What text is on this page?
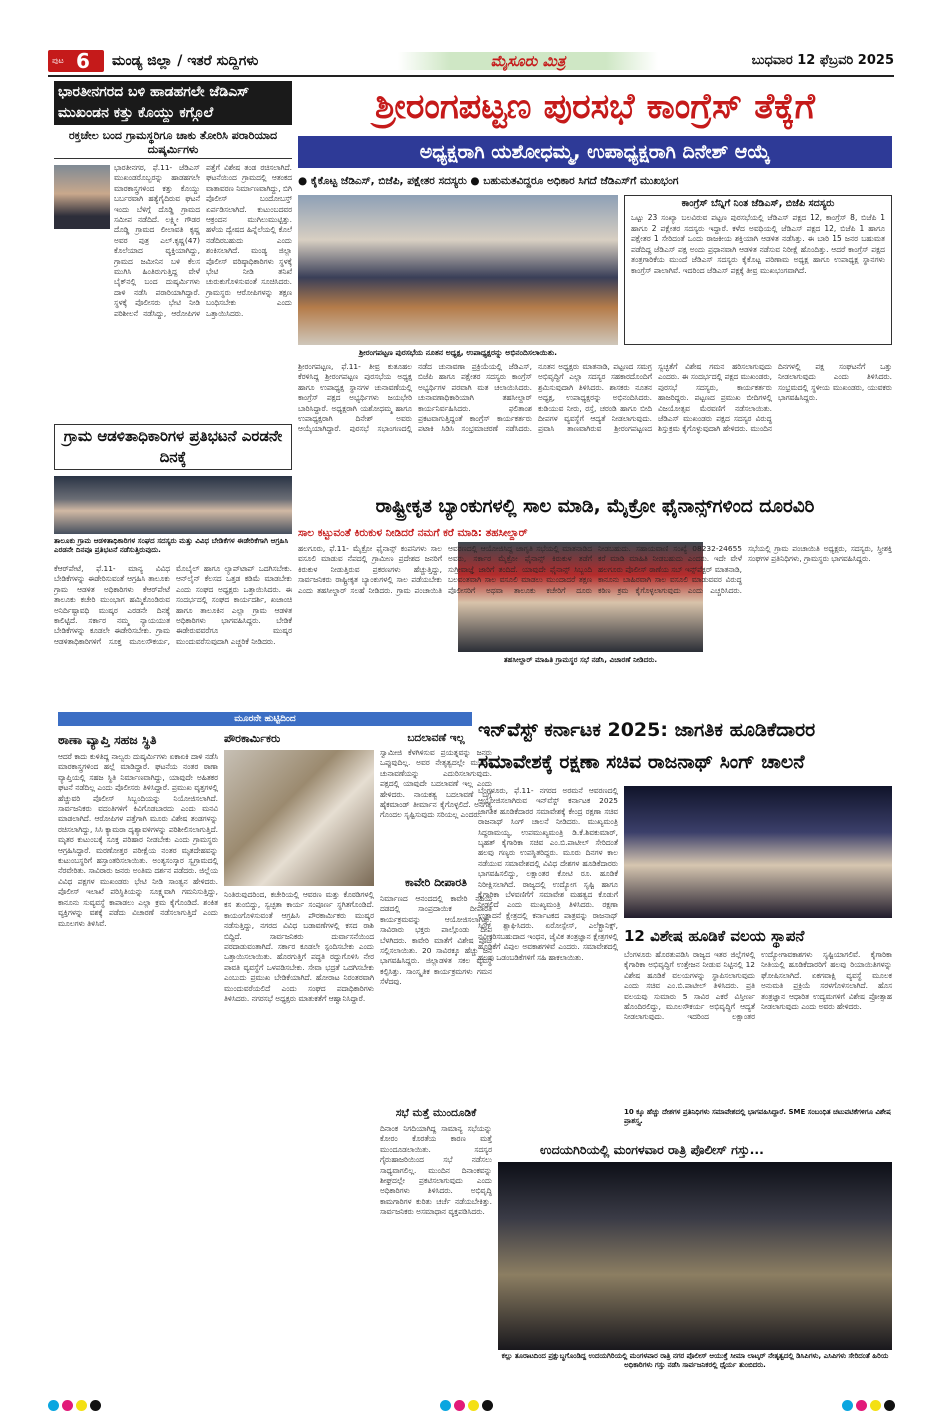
ಪುಟ 6 ಮಂಡ್ಯ ಜಿಲ್ಲಾ / ಇತರೆ ಸುದ್ದಿಗಳು	ಮೈಸೂರು ಮಿತ್ರ	ಬುಧವಾರ 12 ಫೆಬ್ರವರಿ 2025
ಭಾರತೀನಗರದ ಬಳಿ ಹಾಡಹಗಲೇ ಜೆಡಿಎಸ್ ಮುಖಂಡನ ಕತ್ತು ಕೊಯ್ದು ಕಗ್ಗೊಲೆ
ರಕ್ತಚೇಲ ಬಂದ ಗ್ರಾಮಸ್ಥರಿಗೂ ಚಾಕು ತೋರಿಸಿ ಪರಾರಿಯಾದ ದುಷ್ಕರ್ಮಿಗಳು
ಭಾರತೀನಗರ, ಫೆ.11- ಜೆಡಿಎಸ್ ಮುಖಂಡರೊಬ್ಬರನ್ನು ಹಾಡಹಗಲೇ ಮಾರಕಾಸ್ತ್ರಗಳಿಂದ ಕತ್ತು ಕೊಯ್ದು ಬರ್ಬರವಾಗಿ ಹತ್ಯೆಗೈದಿರುವ ಘಟನೆ ಇಂದು ಬೆಳಿಗ್ಗೆ ದೊಡ್ಡಿ ಗ್ರಾಮದ ಸಮೀಪ ನಡೆದಿದೆ. ಲಕ್ಷ್ಮೀ ಗೌಡರ ದೊಡ್ಡಿ ಗ್ರಾಮದ ಲೀಲಾವತಿ ಕೃಷ್ಣ ಅವರ ಪುತ್ರ ಎಲ್.ಕೃಷ್ಣ(47) ಕೊಲೆಯಾದ ವ್ಯಕ್ತಿಯಾಗಿದ್ದು, ಗ್ರಾಮದ ಜಮೀನಿನ ಬಳಿ ಕೆಲಸ ಮುಗಿಸಿ ಹಿಂತಿರುಗುತ್ತಿದ್ದ ವೇಳೆ ಬೈಕ್‌ನಲ್ಲಿ ಬಂದ ದುಷ್ಕರ್ಮಿಗಳು ದಾಳಿ ನಡೆಸಿ ಪರಾರಿಯಾಗಿದ್ದಾರೆ. ಸ್ಥಳಕ್ಕೆ ಪೊಲೀಸರು ಭೇಟಿ ನೀಡಿ ಪರಿಶೀಲನೆ ನಡೆಸಿದ್ದು, ಆರೋಪಿಗಳ ಪತ್ತೆಗೆ ವಿಶೇಷ ತಂಡ ರಚಿಸಲಾಗಿದೆ. ಘಟನೆಯಿಂದ ಗ್ರಾಮದಲ್ಲಿ ಆತಂಕದ ವಾತಾವರಣ ನಿರ್ಮಾಣವಾಗಿದ್ದು, ಬಿಗಿ ಪೊಲೀಸ್ ಬಂದೋಬಸ್ತ್ ಏರ್ಪಡಿಸಲಾಗಿದೆ. ಕುಟುಂಬದವರ ಆಕ್ರಂದನ ಮುಗಿಲುಮುಟ್ಟಿತ್ತು. ಹಳೆಯ ದ್ವೇಷದ ಹಿನ್ನೆಲೆಯಲ್ಲಿ ಕೊಲೆ ನಡೆದಿರಬಹುದು ಎಂದು ಶಂಕಿಸಲಾಗಿದೆ. ಮಂಡ್ಯ ಜಿಲ್ಲಾ ಪೊಲೀಸ್ ವರಿಷ್ಠಾಧಿಕಾರಿಗಳು ಸ್ಥಳಕ್ಕೆ ಭೇಟಿ ನೀಡಿ ತನಿಖೆ ಚುರುಕುಗೊಳಿಸುವಂತೆ ಸೂಚಿಸಿದರು. ಗ್ರಾಮಸ್ಥರು ಆರೋಪಿಗಳನ್ನು ತಕ್ಷಣ ಬಂಧಿಸಬೇಕು ಎಂದು ಒತ್ತಾಯಿಸಿದರು.
ಗ್ರಾಮ ಆಡಳಿತಾಧಿಕಾರಿಗಳ ಪ್ರತಿಭಟನೆ ಎರಡನೇ ದಿನಕ್ಕೆ
ತಾಲೂಕು ಗ್ರಾಮ ಆಡಳಿತಾಧಿಕಾರಿಗಳ ಸಂಘದ ಸದಸ್ಯರು ಮತ್ತು ವಿವಿಧ ಬೇಡಿಕೆಗಳ ಈಡೇರಿಕೆಗಾಗಿ ಆಗ್ರಹಿಸಿ ಎರಡನೇ ದಿನವೂ ಪ್ರತಿಭಟನೆ ನಡೆಸುತ್ತಿರುವುದು.
ಕೆಆರ್‌ಪೇಟೆ, ಫೆ.11- ಮಾನ್ಯ ವಿವಿಧ ಬೇಡಿಕೆಗಳನ್ನು ಈಡೇರಿಸುವಂತೆ ಆಗ್ರಹಿಸಿ ತಾಲೂಕು ಗ್ರಾಮ ಆಡಳಿತ ಅಧಿಕಾರಿಗಳು ಕೆಆರ್‌ಪೇಟೆ ತಾಲೂಕು ಕಚೇರಿ ಮುಂಭಾಗ ಹಮ್ಮಿಕೊಂಡಿರುವ ಅನಿರ್ದಿಷ್ಟಾವಧಿ ಮುಷ್ಕರ ಎರಡನೇ ದಿನಕ್ಕೆ ಕಾಲಿಟ್ಟಿದೆ. ಸರ್ಕಾರ ನಮ್ಮ ನ್ಯಾಯಯುತ ಬೇಡಿಕೆಗಳನ್ನು ಕೂಡಲೇ ಈಡೇರಿಸಬೇಕು. ಗ್ರಾಮ ಆಡಳಿತಾಧಿಕಾರಿಗಳಿಗೆ ಸೂಕ್ತ ಮೂಲಸೌಕರ್ಯ, ಮೊಬೈಲ್ ಹಾಗೂ ಲ್ಯಾಪ್‌ಟಾಪ್ ಒದಗಿಸಬೇಕು. ಆನ್‌ಲೈನ್ ಕೆಲಸದ ಒತ್ತಡ ಕಡಿಮೆ ಮಾಡಬೇಕು ಎಂದು ಸಂಘದ ಅಧ್ಯಕ್ಷರು ಒತ್ತಾಯಿಸಿದರು. ಈ ಸಂದರ್ಭದಲ್ಲಿ ಸಂಘದ ಕಾರ್ಯದರ್ಶಿ, ಖಜಾಂಚಿ ಹಾಗೂ ತಾಲೂಕಿನ ಎಲ್ಲಾ ಗ್ರಾಮ ಆಡಳಿತ ಅಧಿಕಾರಿಗಳು ಭಾಗವಹಿಸಿದ್ದರು. ಬೇಡಿಕೆ ಈಡೇರುವವರೆಗೂ ಮುಷ್ಕರ ಮುಂದುವರೆಸುವುದಾಗಿ ಎಚ್ಚರಿಕೆ ನೀಡಿದರು.
ಶ್ರೀರಂಗಪಟ್ಟಣ ಪುರಸಭೆ ಕಾಂಗ್ರೆಸ್ ತೆಕ್ಕೆಗೆ
ಅಧ್ಯಕ್ಷರಾಗಿ ಯಶೋಧಮ್ಮ, ಉಪಾಧ್ಯಕ್ಷರಾಗಿ ದಿನೇಶ್ ಆಯ್ಕೆ
● ಕೈಕೊಟ್ಟ ಜೆಡಿಎಸ್, ಬಿಜೆಪಿ, ಪಕ್ಷೇತರ ಸದಸ್ಯರು ● ಬಹುಮತವಿದ್ದರೂ ಅಧಿಕಾರ ಸಿಗದೆ ಜೆಡಿಎಸ್‌ಗೆ ಮುಖಭಂಗ
ಶ್ರೀರಂಗಪಟ್ಟಣ ಪುರಸಭೆಯ ನೂತನ ಅಧ್ಯಕ್ಷ, ಉಪಾಧ್ಯಕ್ಷರನ್ನು ಅಭಿನಂದಿಸಲಾಯಿತು.
ಕಾಂಗ್ರೆಸ್ ಬೆನ್ನಿಗೆ ನಿಂತ ಜೆಡಿಎಸ್, ಬಿಜೆಪಿ ಸದಸ್ಯರು
ಒಟ್ಟು 23 ಸಂಖ್ಯಾ ಬಲವಿರುವ ಪಟ್ಟಣ ಪುರಸಭೆಯಲ್ಲಿ ಜೆಡಿಎಸ್ ಪಕ್ಷದ 12, ಕಾಂಗ್ರೆಸ್ 8, ಬಿಜೆಪಿ 1 ಹಾಗೂ 2 ಪಕ್ಷೇತರ ಸದಸ್ಯರು ಇದ್ದಾರೆ. ಕಳೆದ ಅವಧಿಯಲ್ಲಿ ಜೆಡಿಎಸ್ ಪಕ್ಷದ 12, ಬಿಜೆಪಿ 1 ಹಾಗೂ ಪಕ್ಷೇತರ 1 ಸೇರಿದಂತೆ ಒಂದು ರಾಜಕೀಯ ಶಕ್ತಿಯಾಗಿ ಆಡಳಿತ ನಡೆಸಿತ್ತು. ಈ ಬಾರಿ 15 ಜನರ ಬಹುಮತ ಪಡೆದಿದ್ದ ಜೆಡಿಎಸ್ ಪಕ್ಷ ಅಂದು ಪ್ರಧಾನವಾಗಿ ಆಡಳಿತ ನಡೆಸುವ ನಿರೀಕ್ಷೆ ಹೊಂದಿತ್ತು. ಆದರೆ ಕಾಂಗ್ರೆಸ್ ಪಕ್ಷದ ತಂತ್ರಗಾರಿಕೆಯ ಮುಂದೆ ಜೆಡಿಎಸ್ ಸದಸ್ಯರು ಕೈಕೊಟ್ಟ ಪರಿಣಾಮ ಅಧ್ಯಕ್ಷ ಹಾಗೂ ಉಪಾಧ್ಯಕ್ಷ ಸ್ಥಾನಗಳು ಕಾಂಗ್ರೆಸ್ ಪಾಲಾಗಿವೆ. ಇದರಿಂದ ಜೆಡಿಎಸ್ ಪಕ್ಷಕ್ಕೆ ತೀವ್ರ ಮುಖಭಂಗವಾಗಿದೆ.
ಶ್ರೀರಂಗಪಟ್ಟಣ, ಫೆ.11- ತೀವ್ರ ಕುತೂಹಲ ಕೆರಳಿಸಿದ್ದ ಶ್ರೀರಂಗಪಟ್ಟಣ ಪುರಸಭೆಯ ಅಧ್ಯಕ್ಷ ಹಾಗೂ ಉಪಾಧ್ಯಕ್ಷ ಸ್ಥಾನಗಳ ಚುನಾವಣೆಯಲ್ಲಿ ಕಾಂಗ್ರೆಸ್ ಪಕ್ಷದ ಅಭ್ಯರ್ಥಿಗಳು ಜಯಭೇರಿ ಬಾರಿಸಿದ್ದಾರೆ. ಅಧ್ಯಕ್ಷರಾಗಿ ಯಶೋಧಮ್ಮ ಹಾಗೂ ಉಪಾಧ್ಯಕ್ಷರಾಗಿ ದಿನೇಶ್ ಅವರು ಆಯ್ಕೆಯಾಗಿದ್ದಾರೆ. ಪುರಸಭೆ ಸಭಾಂಗಣದಲ್ಲಿ ನಡೆದ ಚುನಾವಣಾ ಪ್ರಕ್ರಿಯೆಯಲ್ಲಿ ಜೆಡಿಎಸ್, ಬಿಜೆಪಿ ಹಾಗೂ ಪಕ್ಷೇತರ ಸದಸ್ಯರು ಕಾಂಗ್ರೆಸ್ ಅಭ್ಯರ್ಥಿಗಳ ಪರವಾಗಿ ಮತ ಚಲಾಯಿಸಿದರು. ಚುನಾವಣಾಧಿಕಾರಿಯಾಗಿ ತಹಸೀಲ್ದಾರ್ ಕಾರ್ಯನಿರ್ವಹಿಸಿದರು. ಫಲಿತಾಂಶ ಪ್ರಕಟವಾಗುತ್ತಿದ್ದಂತೆ ಕಾಂಗ್ರೆಸ್ ಕಾರ್ಯಕರ್ತರು ಪಟಾಕಿ ಸಿಡಿಸಿ ಸಂಭ್ರಮಾಚರಣೆ ನಡೆಸಿದರು. ನೂತನ ಅಧ್ಯಕ್ಷರು ಮಾತನಾಡಿ, ಪಟ್ಟಣದ ಸಮಗ್ರ ಅಭಿವೃದ್ಧಿಗೆ ಎಲ್ಲಾ ಸದಸ್ಯರ ಸಹಕಾರದೊಂದಿಗೆ ಶ್ರಮಿಸುವುದಾಗಿ ತಿಳಿಸಿದರು. ಶಾಸಕರು ನೂತನ ಅಧ್ಯಕ್ಷ, ಉಪಾಧ್ಯಕ್ಷರನ್ನು ಅಭಿನಂದಿಸಿದರು. ಕುಡಿಯುವ ನೀರು, ರಸ್ತೆ, ಚರಂಡಿ ಹಾಗೂ ಬೀದಿ ದೀಪಗಳ ವ್ಯವಸ್ಥೆಗೆ ಆದ್ಯತೆ ನೀಡಲಾಗುವುದು. ಪ್ರವಾಸಿ ತಾಣವಾಗಿರುವ ಶ್ರೀರಂಗಪಟ್ಟಣದ ಸ್ವಚ್ಛತೆಗೆ ವಿಶೇಷ ಗಮನ ಹರಿಸಲಾಗುವುದು ಎಂದರು. ಈ ಸಂದರ್ಭದಲ್ಲಿ ಪಕ್ಷದ ಮುಖಂಡರು, ಪುರಸಭೆ ಸದಸ್ಯರು, ಕಾರ್ಯಕರ್ತರು ಹಾಜರಿದ್ದರು. ಪಟ್ಟಣದ ಪ್ರಮುಖ ಬೀದಿಗಳಲ್ಲಿ ವಿಜಯೋತ್ಸವ ಮೆರವಣಿಗೆ ನಡೆಸಲಾಯಿತು. ಜೆಡಿಎಸ್ ಮುಖಂಡರು ಪಕ್ಷದ ಸದಸ್ಯರ ವಿರುದ್ಧ ಶಿಸ್ತುಕ್ರಮ ಕೈಗೊಳ್ಳುವುದಾಗಿ ಹೇಳಿದರು. ಮುಂದಿನ ದಿನಗಳಲ್ಲಿ ಪಕ್ಷ ಸಂಘಟನೆಗೆ ಒತ್ತು ನೀಡಲಾಗುವುದು ಎಂದು ತಿಳಿಸಿದರು. ಸಂಭ್ರಮದಲ್ಲಿ ಸ್ಥಳೀಯ ಮುಖಂಡರು, ಯುವಕರು ಭಾಗವಹಿಸಿದ್ದರು.
ರಾಷ್ಟ್ರೀಕೃತ ಬ್ಯಾಂಕುಗಳಲ್ಲಿ ಸಾಲ ಮಾಡಿ, ಮೈಕ್ರೋ ಫೈನಾನ್ಸ್‌ಗಳಿಂದ ದೂರವಿರಿ
ಸಾಲ ಕಟ್ಟುವಂತೆ ಕಿರುಕುಳ ನೀಡಿದರೆ ನಮಗೆ ಕರೆ ಮಾಡಿ: ತಹಸೀಲ್ದಾರ್
ತಹಸೀಲ್ದಾರ್ ಮಾಹಿತಿ ಗ್ರಾಮಸ್ಥರ ಸಭೆ ನಡೆಸಿ, ವಿಚಾರಣೆ ನೀಡಿದರು.
ಹಲಗೂರು, ಫೆ.11- ಮೈಕ್ರೋ ಫೈನಾನ್ಸ್ ಕಂಪನಿಗಳು ಸಾಲ ವಸೂಲಿ ಮಾಡುವ ನೆಪದಲ್ಲಿ ಗ್ರಾಮೀಣ ಪ್ರದೇಶದ ಜನರಿಗೆ ಕಿರುಕುಳ ನೀಡುತ್ತಿರುವ ಪ್ರಕರಣಗಳು ಹೆಚ್ಚುತ್ತಿದ್ದು, ಸಾರ್ವಜನಿಕರು ರಾಷ್ಟ್ರೀಕೃತ ಬ್ಯಾಂಕುಗಳಲ್ಲಿ ಸಾಲ ಪಡೆಯಬೇಕು ಎಂದು ತಹಸೀಲ್ದಾರ್ ಸಲಹೆ ನೀಡಿದರು. ಗ್ರಾಮ ಪಂಚಾಯಿತಿ ಆವರಣದಲ್ಲಿ ಆಯೋಜಿಸಿದ್ದ ಜಾಗೃತಿ ಸಭೆಯಲ್ಲಿ ಮಾತನಾಡಿದ ಅವರು, ಸರ್ಕಾರ ಮೈಕ್ರೋ ಫೈನಾನ್ಸ್ ಕಿರುಕುಳ ತಡೆಗೆ ಸುಗ್ರೀವಾಜ್ಞೆ ಜಾರಿಗೆ ತಂದಿದೆ. ಯಾವುದೇ ಫೈನಾನ್ಸ್ ಸಿಬ್ಬಂದಿ ಬಲವಂತವಾಗಿ ಸಾಲ ವಸೂಲಿ ಮಾಡಲು ಮುಂದಾದರೆ ತಕ್ಷಣ ಪೊಲೀಸರಿಗೆ ಅಥವಾ ತಾಲೂಕು ಕಚೇರಿಗೆ ದೂರು ನೀಡಬಹುದು. ಸಹಾಯವಾಣಿ ಸಂಖ್ಯೆ 08232-24655 ಕರೆ ಮಾಡಿ ಮಾಹಿತಿ ನೀಡಬಹುದು ಎಂದರು. ಇದೇ ವೇಳೆ ಹಲಗೂರು ಪೊಲೀಸ್ ಠಾಣೆಯ ಸಬ್ ಇನ್ಸ್‌ಪೆಕ್ಟರ್ ಮಾತನಾಡಿ, ಕಾನೂನು ಬಾಹಿರವಾಗಿ ಸಾಲ ವಸೂಲಿ ಮಾಡುವವರ ವಿರುದ್ಧ ಕಠಿಣ ಕ್ರಮ ಕೈಗೊಳ್ಳಲಾಗುವುದು ಎಂದು ಎಚ್ಚರಿಸಿದರು. ಸಭೆಯಲ್ಲಿ ಗ್ರಾಮ ಪಂಚಾಯಿತಿ ಅಧ್ಯಕ್ಷರು, ಸದಸ್ಯರು, ಸ್ತ್ರೀಶಕ್ತಿ ಸಂಘಗಳ ಪ್ರತಿನಿಧಿಗಳು, ಗ್ರಾಮಸ್ಥರು ಭಾಗವಹಿಸಿದ್ದರು.
ಮೂರನೇ ಹುಟ್ಟಿದಿಂದ
ಠಾಣಾ ವ್ಯಾಪ್ತಿ ಸಹಜ ಸ್ಥಿತಿ
ಆದರೆ ಕಾದು ಕುಳಿತಿದ್ದ ನಾಲ್ವರು ದುಷ್ಕರ್ಮಿಗಳು ಏಕಾಏಕಿ ದಾಳಿ ನಡೆಸಿ ಮಾರಕಾಸ್ತ್ರಗಳಿಂದ ಹಲ್ಲೆ ಮಾಡಿದ್ದಾರೆ. ಘಟನೆಯ ನಂತರ ಠಾಣಾ ವ್ಯಾಪ್ತಿಯಲ್ಲಿ ಸಹಜ ಸ್ಥಿತಿ ನಿರ್ಮಾಣವಾಗಿದ್ದು, ಯಾವುದೇ ಅಹಿತಕರ ಘಟನೆ ನಡೆದಿಲ್ಲ ಎಂದು ಪೊಲೀಸರು ತಿಳಿಸಿದ್ದಾರೆ. ಪ್ರಮುಖ ವೃತ್ತಗಳಲ್ಲಿ ಹೆಚ್ಚುವರಿ ಪೊಲೀಸ್ ಸಿಬ್ಬಂದಿಯನ್ನು ನಿಯೋಜಿಸಲಾಗಿದೆ. ಸಾರ್ವಜನಿಕರು ವದಂತಿಗಳಿಗೆ ಕಿವಿಗೊಡಬಾರದು ಎಂದು ಮನವಿ ಮಾಡಲಾಗಿದೆ. ಆರೋಪಿಗಳ ಪತ್ತೆಗಾಗಿ ಮೂರು ವಿಶೇಷ ತಂಡಗಳನ್ನು ರಚಿಸಲಾಗಿದ್ದು, ಸಿಸಿ ಕ್ಯಾಮರಾ ದೃಶ್ಯಾವಳಿಗಳನ್ನು ಪರಿಶೀಲಿಸಲಾಗುತ್ತಿದೆ. ಮೃತರ ಕುಟುಂಬಕ್ಕೆ ಸೂಕ್ತ ಪರಿಹಾರ ನೀಡಬೇಕು ಎಂದು ಗ್ರಾಮಸ್ಥರು ಆಗ್ರಹಿಸಿದ್ದಾರೆ. ಮರಣೋತ್ತರ ಪರೀಕ್ಷೆಯ ನಂತರ ಮೃತದೇಹವನ್ನು ಕುಟುಂಬಸ್ಥರಿಗೆ ಹಸ್ತಾಂತರಿಸಲಾಯಿತು. ಅಂತ್ಯಸಂಸ್ಕಾರ ಸ್ವಗ್ರಾಮದಲ್ಲಿ ನೆರವೇರಿತು. ಸಾವಿರಾರು ಜನರು ಅಂತಿಮ ದರ್ಶನ ಪಡೆದರು. ಜಿಲ್ಲೆಯ ವಿವಿಧ ಪಕ್ಷಗಳ ಮುಖಂಡರು ಭೇಟಿ ನೀಡಿ ಸಾಂತ್ವನ ಹೇಳಿದರು. ಪೊಲೀಸ್ ಇಲಾಖೆ ಪರಿಸ್ಥಿತಿಯನ್ನು ಸೂಕ್ಷ್ಮವಾಗಿ ಗಮನಿಸುತ್ತಿದ್ದು, ಕಾನೂನು ಸುವ್ಯವಸ್ಥೆ ಕಾಪಾಡಲು ಎಲ್ಲಾ ಕ್ರಮ ಕೈಗೊಂಡಿದೆ. ಶಂಕಿತ ವ್ಯಕ್ತಿಗಳನ್ನು ವಶಕ್ಕೆ ಪಡೆದು ವಿಚಾರಣೆ ನಡೆಸಲಾಗುತ್ತಿದೆ ಎಂದು ಮೂಲಗಳು ತಿಳಿಸಿವೆ.
ಪೌರಕಾರ್ಮಿಕರು
ನಿಂತಿರುವುದರಿಂದ, ಕಚೇರಿಯಲ್ಲಿ ಆವರಣ ಮತ್ತು ಕೊಠಡಿಗಳಲ್ಲಿ ಕಸ ತುಂಬಿದ್ದು, ಸ್ವಚ್ಛತಾ ಕಾರ್ಯ ಸಂಪೂರ್ಣ ಸ್ಥಗಿತಗೊಂಡಿದೆ. ಕಾಯಂಗೊಳಿಸುವಂತೆ ಆಗ್ರಹಿಸಿ ಪೌರಕಾರ್ಮಿಕರು ಮುಷ್ಕರ ನಡೆಸುತ್ತಿದ್ದು, ನಗರದ ವಿವಿಧ ಬಡಾವಣೆಗಳಲ್ಲಿ ಕಸದ ರಾಶಿ ಬಿದ್ದಿದೆ. ಸಾರ್ವಜನಿಕರು ದುರ್ವಾಸನೆಯಿಂದ ಪರದಾಡುವಂತಾಗಿದೆ. ಸರ್ಕಾರ ಕೂಡಲೇ ಸ್ಪಂದಿಸಬೇಕು ಎಂದು ಒತ್ತಾಯಿಸಲಾಯಿತು. ಹೊರಗುತ್ತಿಗೆ ಪದ್ಧತಿ ರದ್ದುಗೊಳಿಸಿ ನೇರ ಪಾವತಿ ವ್ಯವಸ್ಥೆಗೆ ಒಳಪಡಿಸಬೇಕು. ಸೇವಾ ಭದ್ರತೆ ಒದಗಿಸಬೇಕು ಎಂಬುದು ಪ್ರಮುಖ ಬೇಡಿಕೆಯಾಗಿದೆ. ಹೋರಾಟ ನಿರಂತರವಾಗಿ ಮುಂದುವರೆಯಲಿದೆ ಎಂದು ಸಂಘದ ಪದಾಧಿಕಾರಿಗಳು ತಿಳಿಸಿದರು. ನಗರಸಭೆ ಅಧ್ಯಕ್ಷರು ಮಾತುಕತೆಗೆ ಆಹ್ವಾನಿಸಿದ್ದಾರೆ.
ಬದಲಾವಣೆ ಇಲ್ಲ
ಸ್ವಾಮೀಜಿ ಕೆಳಗಿಳಿಸುವ ಪ್ರಯತ್ನವನ್ನು ಜನರು ಒಪ್ಪುವುದಿಲ್ಲ. ಅವರ ನೇತೃತ್ವದಲ್ಲೇ ಮುಂದಿನ ಚುನಾವಣೆಯನ್ನು ಎದುರಿಸಲಾಗುವುದು. ಪಕ್ಷದಲ್ಲಿ ಯಾವುದೇ ಬದಲಾವಣೆ ಇಲ್ಲ ಎಂದು ಹೇಳಿದರು. ನಾಯಕತ್ವ ಬದಲಾವಣೆ ಬಗ್ಗೆ ಹೈಕಮಾಂಡ್ ತೀರ್ಮಾನ ಕೈಗೊಳ್ಳಲಿದೆ. ಅನಗತ್ಯ ಗೊಂದಲ ಸೃಷ್ಟಿಸುವುದು ಸರಿಯಲ್ಲ ಎಂದರು.
ಕಾವೇರಿ ದೀಪಾರತಿ
ನಿರ್ಮಾಣದ ಆನಂದದಲ್ಲಿ ಕಾವೇರಿ ನದಿಯ ದಡದಲ್ಲಿ ಸಾಂಪ್ರದಾಯಿಕ ದೀಪಾರತಿ ಕಾರ್ಯಕ್ರಮವನ್ನು ಆಯೋಜಿಸಲಾಗಿತ್ತು. ಸಾವಿರಾರು ಭಕ್ತರು ಪಾಲ್ಗೊಂಡು ದೀಪ ಬೆಳಗಿದರು. ಕಾವೇರಿ ಮಾತೆಗೆ ವಿಶೇಷ ಪೂಜೆ ಸಲ್ಲಿಸಲಾಯಿತು. 20 ಸಾವಿರಕ್ಕೂ ಹೆಚ್ಚು ಜನ ಭಾಗವಹಿಸಿದ್ದರು. ಜಿಲ್ಲಾಡಳಿತ ಸಕಲ ವ್ಯವಸ್ಥೆ ಕಲ್ಪಿಸಿತ್ತು. ಸಾಂಸ್ಕೃತಿಕ ಕಾರ್ಯಕ್ರಮಗಳು ಗಮನ ಸೆಳೆದವು.
ಸಭೆ ಮತ್ತೆ ಮುಂದೂಡಿಕೆ
ದಿನಾಂಕ ನಿಗದಿಯಾಗಿದ್ದ ಸಾಮಾನ್ಯ ಸಭೆಯನ್ನು ಕೋರಂ ಕೊರತೆಯ ಕಾರಣ ಮತ್ತೆ ಮುಂದೂಡಲಾಯಿತು. ಸದಸ್ಯರ ಗೈರುಹಾಜರಿಯಿಂದ ಸಭೆ ನಡೆಸಲು ಸಾಧ್ಯವಾಗಲಿಲ್ಲ. ಮುಂದಿನ ದಿನಾಂಕವನ್ನು ಶೀಘ್ರದಲ್ಲೇ ಪ್ರಕಟಿಸಲಾಗುವುದು ಎಂದು ಅಧಿಕಾರಿಗಳು ತಿಳಿಸಿದರು. ಅಭಿವೃದ್ಧಿ ಕಾಮಗಾರಿಗಳ ಕುರಿತು ಚರ್ಚೆ ನಡೆಯಬೇಕಿತ್ತು. ಸಾರ್ವಜನಿಕರು ಅಸಮಾಧಾನ ವ್ಯಕ್ತಪಡಿಸಿದರು.
ಇನ್‌ವೆಸ್ಟ್ ಕರ್ನಾಟಕ 2025: ಜಾಗತಿಕ ಹೂಡಿಕೆದಾರರ ಸಮಾವೇಶಕ್ಕೆ ರಕ್ಷಣಾ ಸಚಿವ ರಾಜನಾಥ್ ಸಿಂಗ್ ಚಾಲನೆ
ಬೆಂಗಳೂರು, ಫೆ.11- ನಗರದ ಅರಮನೆ ಆವರಣದಲ್ಲಿ ಆಯೋಜಿಸಲಾಗಿರುವ ಇನ್‌ವೆಸ್ಟ್ ಕರ್ನಾಟಕ 2025 ಜಾಗತಿಕ ಹೂಡಿಕೆದಾರರ ಸಮಾವೇಶಕ್ಕೆ ಕೇಂದ್ರ ರಕ್ಷಣಾ ಸಚಿವ ರಾಜನಾಥ್ ಸಿಂಗ್ ಚಾಲನೆ ನೀಡಿದರು. ಮುಖ್ಯಮಂತ್ರಿ ಸಿದ್ದರಾಮಯ್ಯ, ಉಪಮುಖ್ಯಮಂತ್ರಿ ಡಿ.ಕೆ.ಶಿವಕುಮಾರ್, ಬೃಹತ್ ಕೈಗಾರಿಕಾ ಸಚಿವ ಎಂ.ಬಿ.ಪಾಟೀಲ್ ಸೇರಿದಂತೆ ಹಲವು ಗಣ್ಯರು ಉಪಸ್ಥಿತರಿದ್ದರು. ಮೂರು ದಿನಗಳ ಕಾಲ ನಡೆಯುವ ಸಮಾವೇಶದಲ್ಲಿ ವಿವಿಧ ದೇಶಗಳ ಹೂಡಿಕೆದಾರರು ಭಾಗವಹಿಸಲಿದ್ದು, ಲಕ್ಷಾಂತರ ಕೋಟಿ ರೂ. ಹೂಡಿಕೆ ನಿರೀಕ್ಷಿಸಲಾಗಿದೆ. ರಾಜ್ಯದಲ್ಲಿ ಉದ್ಯೋಗ ಸೃಷ್ಟಿ ಹಾಗೂ ಕೈಗಾರಿಕಾ ಬೆಳವಣಿಗೆಗೆ ಸಮಾವೇಶ ಮಹತ್ವದ ಕೊಡುಗೆ ನೀಡಲಿದೆ ಎಂದು ಮುಖ್ಯಮಂತ್ರಿ ತಿಳಿಸಿದರು. ರಕ್ಷಣಾ ಉತ್ಪಾದನೆ ಕ್ಷೇತ್ರದಲ್ಲಿ ಕರ್ನಾಟಕದ ಪಾತ್ರವನ್ನು ರಾಜನಾಥ್ ಸಿಂಗ್ ಶ್ಲಾಘಿಸಿದರು. ಏರೋಸ್ಪೇಸ್, ಎಲೆಕ್ಟ್ರಾನಿಕ್ಸ್, ನವೀಕರಿಸಬಹುದಾದ ಇಂಧನ, ಜೈವಿಕ ತಂತ್ರಜ್ಞಾನ ಕ್ಷೇತ್ರಗಳಲ್ಲಿ ಹೂಡಿಕೆಗೆ ವಿಪುಲ ಅವಕಾಶಗಳಿವೆ ಎಂದರು. ಸಮಾವೇಶದಲ್ಲಿ ಹಲವು ಒಡಂಬಡಿಕೆಗಳಿಗೆ ಸಹಿ ಹಾಕಲಾಯಿತು.
12 ವಿಶೇಷ ಹೂಡಿಕೆ ವಲಯ ಸ್ಥಾಪನೆ
ಬೆಂಗಳೂರು ಹೊರತುಪಡಿಸಿ ರಾಜ್ಯದ ಇತರ ಜಿಲ್ಲೆಗಳಲ್ಲಿ ಕೈಗಾರಿಕಾ ಅಭಿವೃದ್ಧಿಗೆ ಉತ್ತೇಜನ ನೀಡುವ ನಿಟ್ಟಿನಲ್ಲಿ 12 ವಿಶೇಷ ಹೂಡಿಕೆ ವಲಯಗಳನ್ನು ಸ್ಥಾಪಿಸಲಾಗುವುದು ಎಂದು ಸಚಿವ ಎಂ.ಬಿ.ಪಾಟೀಲ್ ತಿಳಿಸಿದರು. ಪ್ರತಿ ವಲಯವು ಸುಮಾರು 5 ಸಾವಿರ ಎಕರೆ ವಿಸ್ತೀರ್ಣ ಹೊಂದಿರಲಿದ್ದು, ಮೂಲಸೌಕರ್ಯ ಅಭಿವೃದ್ಧಿಗೆ ಆದ್ಯತೆ ನೀಡಲಾಗುವುದು. ಇದರಿಂದ ಲಕ್ಷಾಂತರ ಉದ್ಯೋಗಾವಕಾಶಗಳು ಸೃಷ್ಟಿಯಾಗಲಿವೆ. ಕೈಗಾರಿಕಾ ನೀತಿಯಲ್ಲಿ ಹೂಡಿಕೆದಾರರಿಗೆ ಹಲವು ರಿಯಾಯಿತಿಗಳನ್ನು ಘೋಷಿಸಲಾಗಿದೆ. ಏಕಗವಾಕ್ಷಿ ವ್ಯವಸ್ಥೆ ಮೂಲಕ ಅನುಮತಿ ಪ್ರಕ್ರಿಯೆ ಸರಳಗೊಳಿಸಲಾಗಿದೆ. ಹೊಸ ತಂತ್ರಜ್ಞಾನ ಆಧಾರಿತ ಉದ್ಯಮಗಳಿಗೆ ವಿಶೇಷ ಪ್ರೋತ್ಸಾಹ ನೀಡಲಾಗುವುದು ಎಂದು ಅವರು ಹೇಳಿದರು.
10 ಕ್ಕೂ ಹೆಚ್ಚು ದೇಶಗಳ ಪ್ರತಿನಿಧಿಗಳು ಸಮಾವೇಶದಲ್ಲಿ ಭಾಗವಹಿಸಿದ್ದಾರೆ. SME ಸಂಬಂಧಿತ ಚಟುವಟಿಕೆಗಳಿಗೂ ವಿಶೇಷ ಪ್ರಾಶಸ್ತ್ಯ.
ಉದಯಗಿರಿಯಲ್ಲಿ ಮಂಗಳವಾರ ರಾತ್ರಿ ಪೊಲೀಸ್ ಗಸ್ತು...
ಕಲ್ಲು ತೂರಾಟದಿಂದ ಪ್ರಕ್ಷುಬ್ಧಗೊಂಡಿದ್ದ ಉದಯಗಿರಿಯಲ್ಲಿ ಮಂಗಳವಾರ ರಾತ್ರಿ ನಗರ ಪೊಲೀಸ್ ಆಯುಕ್ತೆ ಸೀಮಾ ಲಾಟ್ಕರ್ ನೇತೃತ್ವದಲ್ಲಿ ಡಿಸಿಪಿಗಳು, ಎಸಿಪಿಗಳು ಸೇರಿದಂತೆ ಹಿರಿಯ ಅಧಿಕಾರಿಗಳು ಗಸ್ತು ನಡೆಸಿ ಸಾರ್ವಜನಿಕರಲ್ಲಿ ಧೈರ್ಯ ತುಂಬಿದರು.
